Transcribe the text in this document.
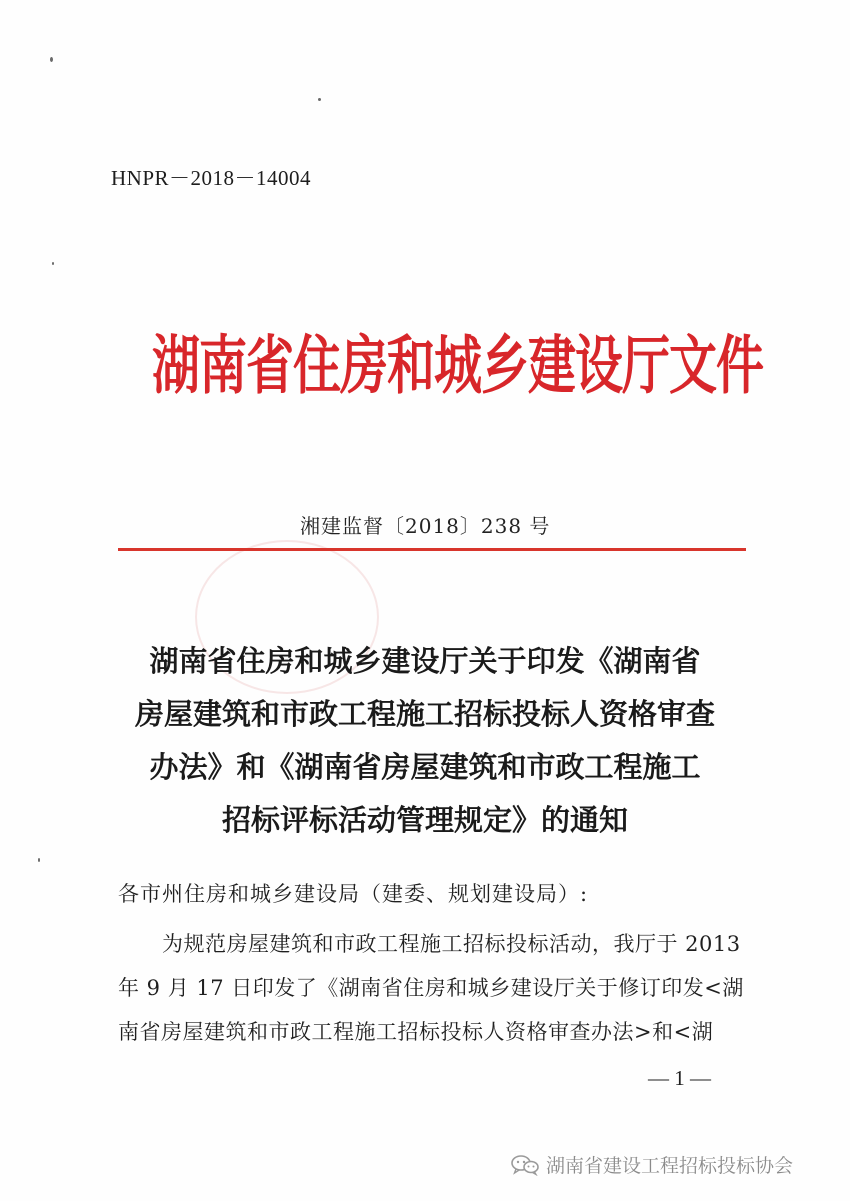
HNPR－2018－14004
湖南省住房和城乡建设厅文件
湘建监督〔2018〕238 号
湖南省住房和城乡建设厅关于印发《湖南省
房屋建筑和市政工程施工招标投标人资格审查
办法》和《湖南省房屋建筑和市政工程施工
招标评标活动管理规定》的通知
各市州住房和城乡建设局（建委、规划建设局）:
为规范房屋建筑和市政工程施工招标投标活动，我厅于 2013
年 9 月 17 日印发了《湖南省住房和城乡建设厅关于修订印发<湖
南省房屋建筑和市政工程施工招标投标人资格审查办法>和<湖
— 1 —
湖南省建设工程招标投标协会
